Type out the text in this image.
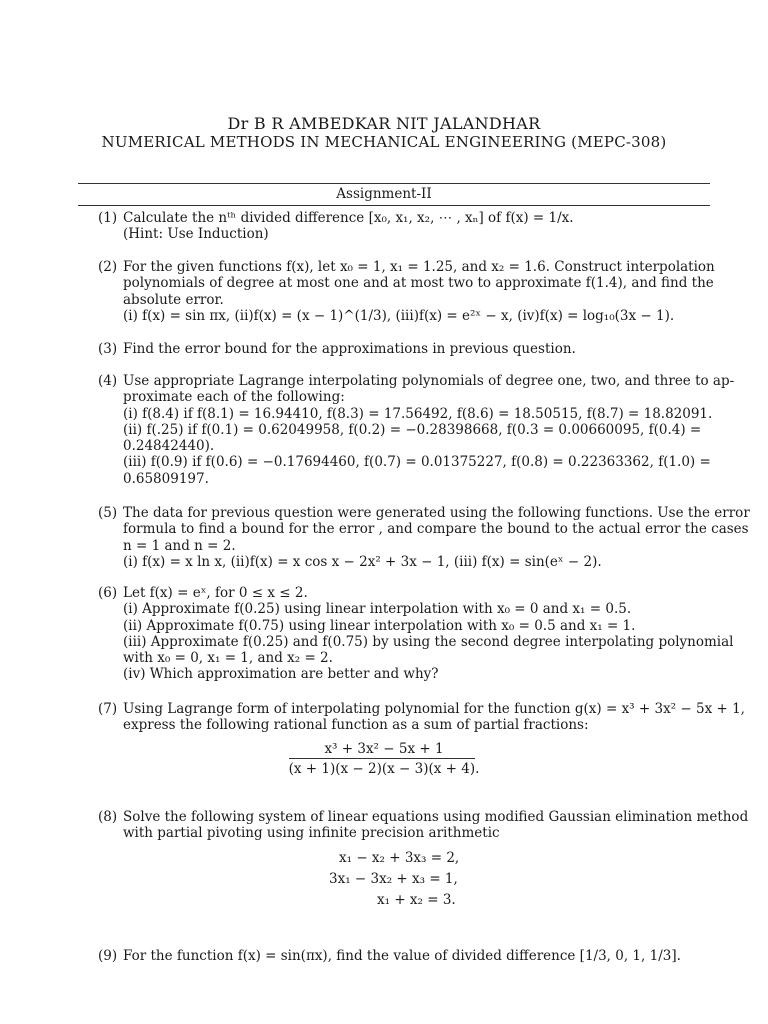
Dr B R AMBEDKAR NIT JALANDHAR
NUMERICAL METHODS IN MECHANICAL ENGINEERING (MEPC-308)
Assignment-II
(1) Calculate the nᵗʰ divided difference [x₀, x₁, x₂, ⋯ , xₙ] of f(x) = 1/x.
(Hint: Use Induction)
(2) For the given functions f(x), let x₀ = 1, x₁ = 1.25, and x₂ = 1.6. Construct interpolation
polynomials of degree at most one and at most two to approximate f(1.4), and find the
absolute error.
(i) f(x) = sin πx, (ii)f(x) = (x − 1)^(1/3), (iii)f(x) = e²ˣ − x, (iv)f(x) = log₁₀(3x − 1).
(3) Find the error bound for the approximations in previous question.
(4) Use appropriate Lagrange interpolating polynomials of degree one, two, and three to ap-
proximate each of the following:
(i) f(8.4) if f(8.1) = 16.94410, f(8.3) = 17.56492, f(8.6) = 18.50515, f(8.7) = 18.82091.
(ii) f(.25) if f(0.1) = 0.62049958, f(0.2) = −0.28398668, f(0.3 = 0.00660095, f(0.4) =
0.24842440).
(iii) f(0.9) if f(0.6) = −0.17694460, f(0.7) = 0.01375227, f(0.8) = 0.22363362, f(1.0) =
0.65809197.
(5) The data for previous question were generated using the following functions. Use the error
formula to find a bound for the error , and compare the bound to the actual error the cases
n = 1 and n = 2.
(i) f(x) = x ln x, (ii)f(x) = x cos x − 2x² + 3x − 1, (iii) f(x) = sin(eˣ − 2).
(6) Let f(x) = eˣ, for 0 ≤ x ≤ 2.
(i) Approximate f(0.25) using linear interpolation with x₀ = 0 and x₁ = 0.5.
(ii) Approximate f(0.75) using linear interpolation with x₀ = 0.5 and x₁ = 1.
(iii) Approximate f(0.25) and f(0.75) by using the second degree interpolating polynomial
with x₀ = 0, x₁ = 1, and x₂ = 2.
(iv) Which approximation are better and why?
(7) Using Lagrange form of interpolating polynomial for the function g(x) = x³ + 3x² − 5x + 1,
express the following rational function as a sum of partial fractions:
x³ + 3x² − 5x + 1
(x + 1)(x − 2)(x − 3)(x + 4).
(8) Solve the following system of linear equations using modified Gaussian elimination method
with partial pivoting using infinite precision arithmetic
x₁ − x₂ + 3x₃ = 2,
3x₁ − 3x₂ + x₃ = 1,
x₁ + x₂ = 3.
(9) For the function f(x) = sin(πx), find the value of divided difference [1/3, 0, 1, 1/3].
